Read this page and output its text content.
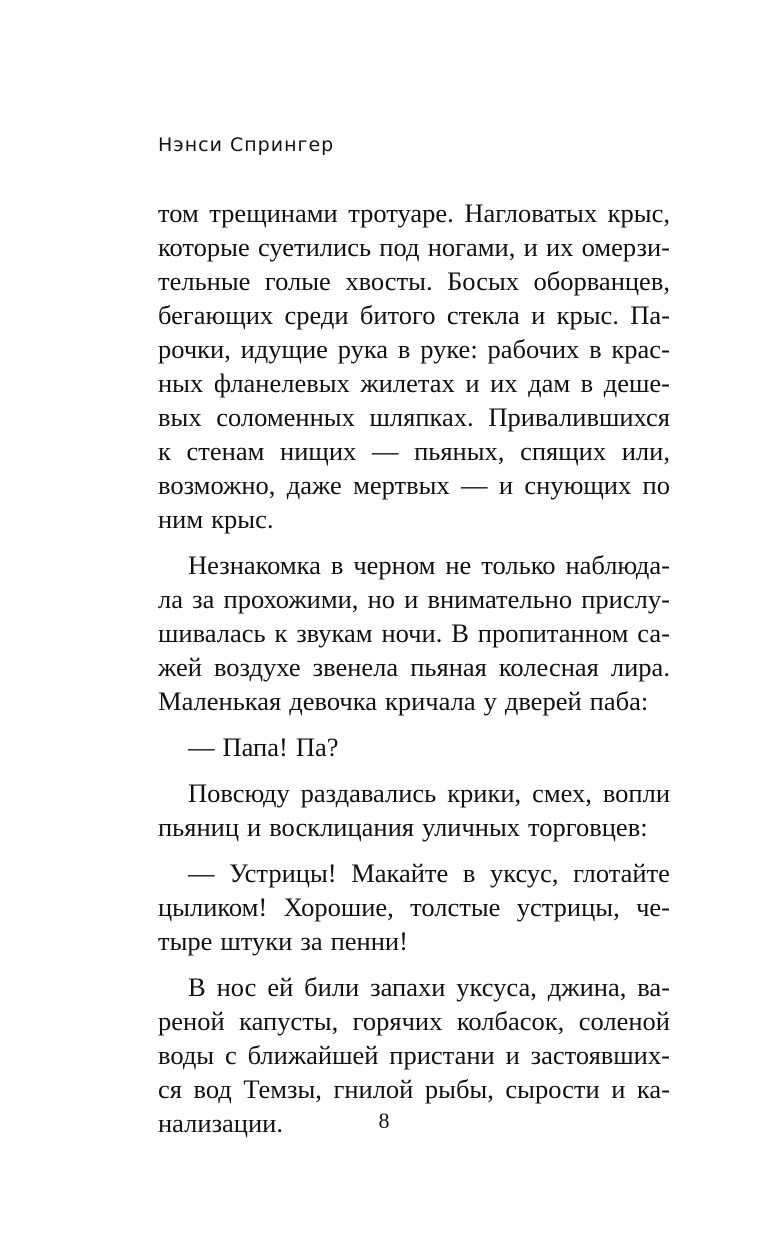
Нэнси Спрингер
том трещинами тротуаре. Нагловатых крыс,
которые суетились под ногами, и их омерзи-
тельные голые хвосты. Босых оборванцев,
бегающих среди битого стекла и крыс. Па-
рочки, идущие рука в руке: рабочих в крас-
ных фланелевых жилетах и их дам в деше-
вых соломенных шляпках. Привалившихся
к стенам нищих — пьяных, спящих или,
возможно, даже мертвых — и снующих по
ним крыс.
Незнакомка в черном не только наблюда-
ла за прохожими, но и внимательно прислу-
шивалась к звукам ночи. В пропитанном са-
жей воздухе звенела пьяная колесная лира.
Маленькая девочка кричала у дверей паба:
— Папа! Па?
Повсюду раздавались крики, смех, вопли
пьяниц и восклицания уличных торговцев:
— Устрицы! Макайте в уксус, глотайте
цыликом! Хорошие, толстые устрицы, че-
тыре штуки за пенни!
В нос ей били запахи уксуса, джина, ва-
реной капусты, горячих колбасок, соленой
воды с ближайшей пристани и застоявших-
ся вод Темзы, гнилой рыбы, сырости и ка-
нализации.	8
